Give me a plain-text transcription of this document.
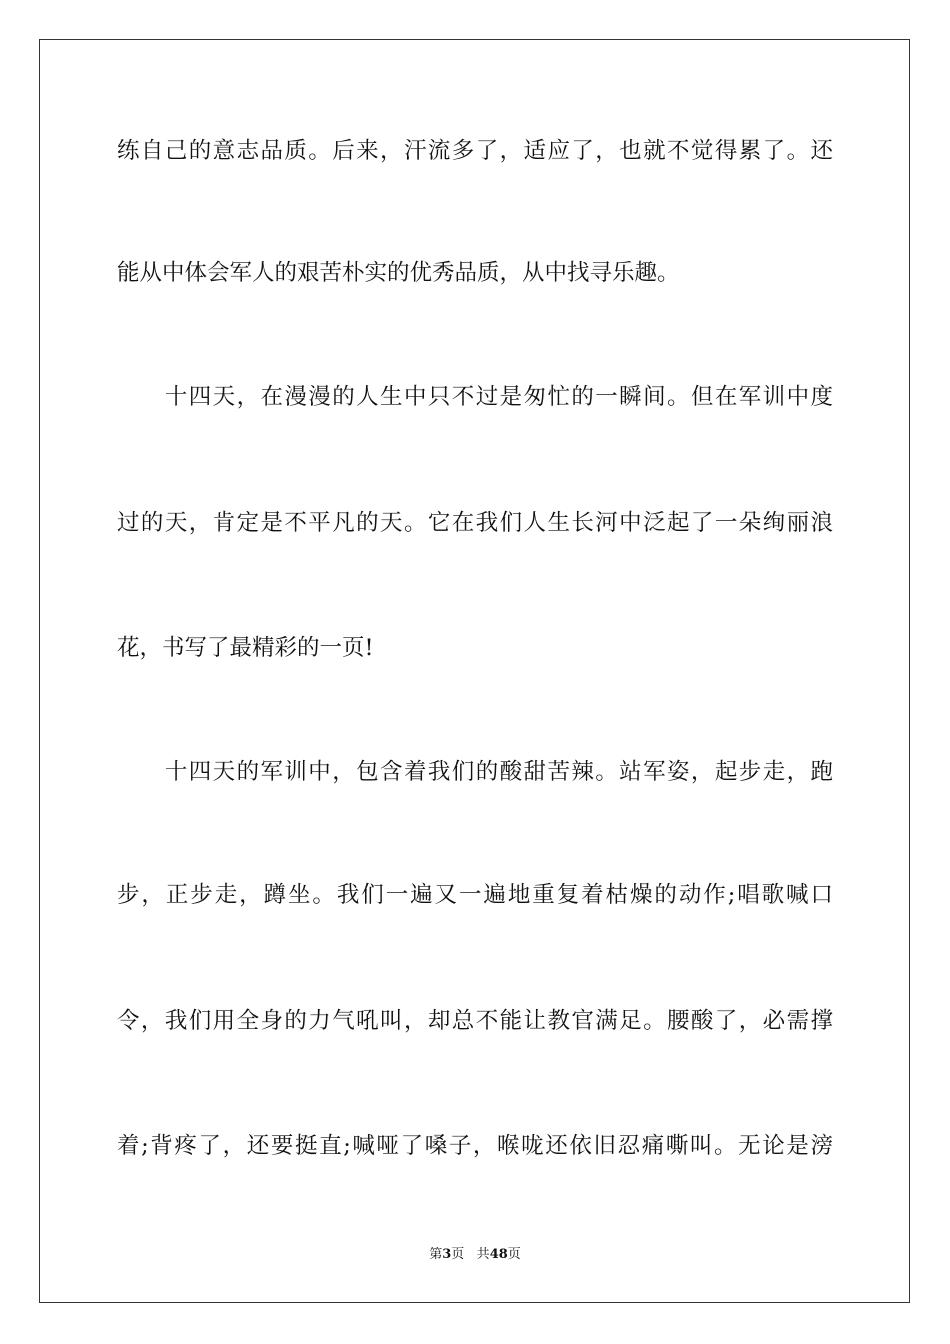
练自己的意志品质。后来，汗流多了，适应了，也就不觉得累了。还
能从中体会军人的艰苦朴实的优秀品质，从中找寻乐趣。
　　十四天，在漫漫的人生中只不过是匆忙的一瞬间。但在军训中度
过的天，肯定是不平凡的天。它在我们人生长河中泛起了一朵绚丽浪
花，书写了最精彩的一页!
　　十四天的军训中，包含着我们的酸甜苦辣。站军姿，起步走，跑
步，正步走，蹲坐。我们一遍又一遍地重复着枯燥的动作;唱歌喊口
令，我们用全身的力气吼叫，却总不能让教官满足。腰酸了，必需撑
着;背疼了，还要挺直;喊哑了嗓子，喉咙还依旧忍痛嘶叫。无论是滂
第3页 共48页
